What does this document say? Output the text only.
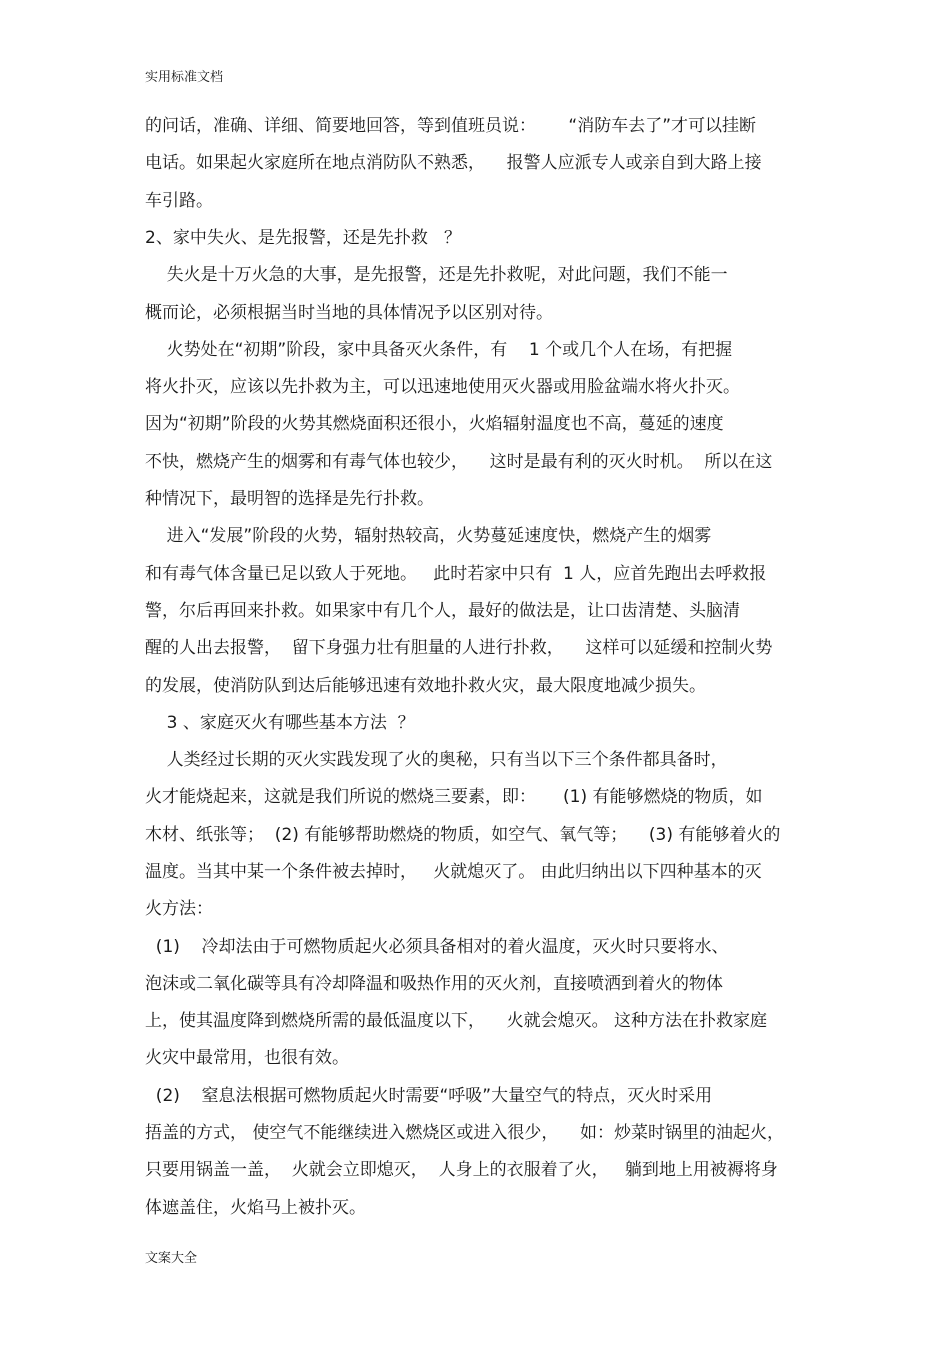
实用标准文档
的问话，准确、详细、简要地回答，等到值班员说：      “消防车去了”才可以挂断
电话。如果起火家庭所在地点消防队不熟悉，    报警人应派专人或亲自到大路上接
车引路。
2、家中失火、是先报警，还是先扑救   ？
失火是十万火急的大事，是先报警，还是先扑救呢，对此问题，我们不能一
概而论，必须根据当时当地的具体情况予以区别对待。
火势处在“初期”阶段，家中具备灭火条件，有    1 个或几个人在场，有把握
将火扑灭，应该以先扑救为主，可以迅速地使用灭火器或用脸盆端水将火扑灭。
因为“初期”阶段的火势其燃烧面积还很小，火焰辐射温度也不高，蔓延的速度
不快，燃烧产生的烟雾和有毒气体也较少，    这时是最有利的灭火时机。  所以在这
种情况下，最明智的选择是先行扑救。
进入“发展”阶段的火势，辐射热较高，火势蔓延速度快，燃烧产生的烟雾
和有毒气体含量已足以致人于死地。   此时若家中只有  1 人，应首先跑出去呼救报
警，尔后再回来扑救。如果家中有几个人，最好的做法是，让口齿清楚、头脑清
醒的人出去报警，  留下身强力壮有胆量的人进行扑救，    这样可以延缓和控制火势
的发展，使消防队到达后能够迅速有效地扑救火灾，最大限度地减少损失。
3 、家庭灭火有哪些基本方法  ？
人类经过长期的灭火实践发现了火的奥秘，只有当以下三个条件都具备时，
火才能烧起来，这就是我们所说的燃烧三要素，即：     (1) 有能够燃烧的物质，如
木材、纸张等；  (2) 有能够帮助燃烧的物质，如空气、氧气等；    (3) 有能够着火的
温度。当其中某一个条件被去掉时，   火就熄灭了。 由此归纳出以下四种基本的灭
火方法：
(1)    冷却法由于可燃物质起火必须具备相对的着火温度，灭火时只要将水、
泡沫或二氧化碳等具有冷却降温和吸热作用的灭火剂，直接喷洒到着火的物体
上，使其温度降到燃烧所需的最低温度以下，    火就会熄灭。 这种方法在扑救家庭
火灾中最常用，也很有效。
(2)    窒息法根据可燃物质起火时需要“呼吸”大量空气的特点，灭火时采用
捂盖的方式， 使空气不能继续进入燃烧区或进入很少，    如：炒菜时锅里的油起火，
只要用锅盖一盖，  火就会立即熄灭，  人身上的衣服着了火，   躺到地上用被褥将身
体遮盖住，火焰马上被扑灭。
文案大全
